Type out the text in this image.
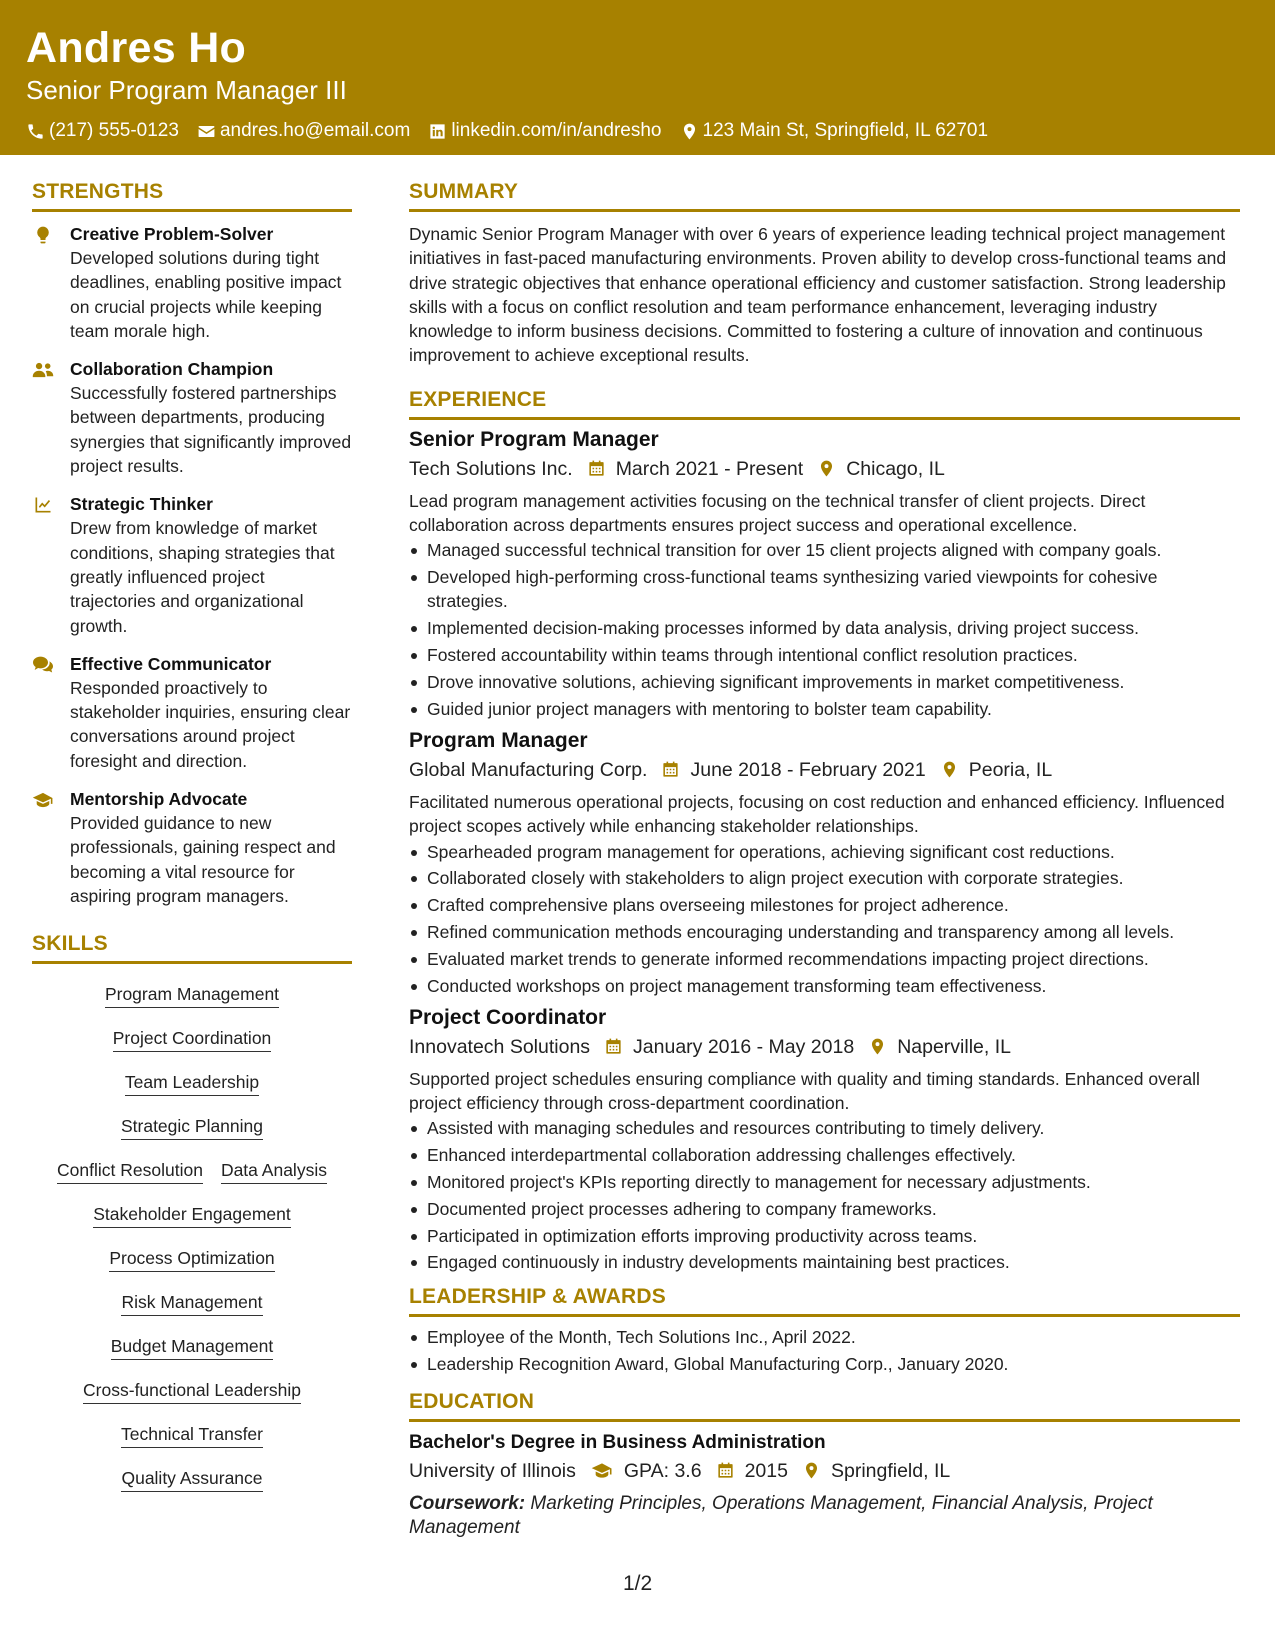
Andres Ho
Senior Program Manager III
(217) 555-0123 andres.ho@email.com linkedin.com/in/andresho 123 Main St, Springfield, IL 62701
STRENGTHS
Creative Problem-Solver
Developed solutions during tight deadlines, enabling positive impact on crucial projects while keeping team morale high.
Collaboration Champion
Successfully fostered partnerships between departments, producing synergies that significantly improved project results.
Strategic Thinker
Drew from knowledge of market conditions, shaping strategies that greatly influenced project trajectories and organizational growth.
Effective Communicator
Responded proactively to stakeholder inquiries, ensuring clear conversations around project foresight and direction.
Mentorship Advocate
Provided guidance to new professionals, gaining respect and becoming a vital resource for aspiring program managers.
SKILLS
Program Management
Project Coordination
Team Leadership
Strategic Planning
Conflict Resolution Data Analysis
Stakeholder Engagement
Process Optimization
Risk Management
Budget Management
Cross-functional Leadership
Technical Transfer
Quality Assurance
SUMMARY
Dynamic Senior Program Manager with over 6 years of experience leading technical project management initiatives in fast-paced manufacturing environments. Proven ability to develop cross-functional teams and drive strategic objectives that enhance operational efficiency and customer satisfaction. Strong leadership skills with a focus on conflict resolution and team performance enhancement, leveraging industry knowledge to inform business decisions. Committed to fostering a culture of innovation and continuous improvement to achieve exceptional results.
EXPERIENCE
Senior Program Manager
Tech Solutions Inc. March 2021 - Present Chicago, IL
Lead program management activities focusing on the technical transfer of client projects. Direct collaboration across departments ensures project success and operational excellence.
Managed successful technical transition for over 15 client projects aligned with company goals.
Developed high-performing cross-functional teams synthesizing varied viewpoints for cohesive strategies.
Implemented decision-making processes informed by data analysis, driving project success.
Fostered accountability within teams through intentional conflict resolution practices.
Drove innovative solutions, achieving significant improvements in market competitiveness.
Guided junior project managers with mentoring to bolster team capability.
Program Manager
Global Manufacturing Corp. June 2018 - February 2021 Peoria, IL
Facilitated numerous operational projects, focusing on cost reduction and enhanced efficiency. Influenced project scopes actively while enhancing stakeholder relationships.
Spearheaded program management for operations, achieving significant cost reductions.
Collaborated closely with stakeholders to align project execution with corporate strategies.
Crafted comprehensive plans overseeing milestones for project adherence.
Refined communication methods encouraging understanding and transparency among all levels.
Evaluated market trends to generate informed recommendations impacting project directions.
Conducted workshops on project management transforming team effectiveness.
Project Coordinator
Innovatech Solutions January 2016 - May 2018 Naperville, IL
Supported project schedules ensuring compliance with quality and timing standards. Enhanced overall project efficiency through cross-department coordination.
Assisted with managing schedules and resources contributing to timely delivery.
Enhanced interdepartmental collaboration addressing challenges effectively.
Monitored project's KPIs reporting directly to management for necessary adjustments.
Documented project processes adhering to company frameworks.
Participated in optimization efforts improving productivity across teams.
Engaged continuously in industry developments maintaining best practices.
LEADERSHIP & AWARDS
Employee of the Month, Tech Solutions Inc., April 2022.
Leadership Recognition Award, Global Manufacturing Corp., January 2020.
EDUCATION
Bachelor's Degree in Business Administration
University of Illinois GPA: 3.6 2015 Springfield, IL
Coursework: Marketing Principles, Operations Management, Financial Analysis, Project Management
1/2
